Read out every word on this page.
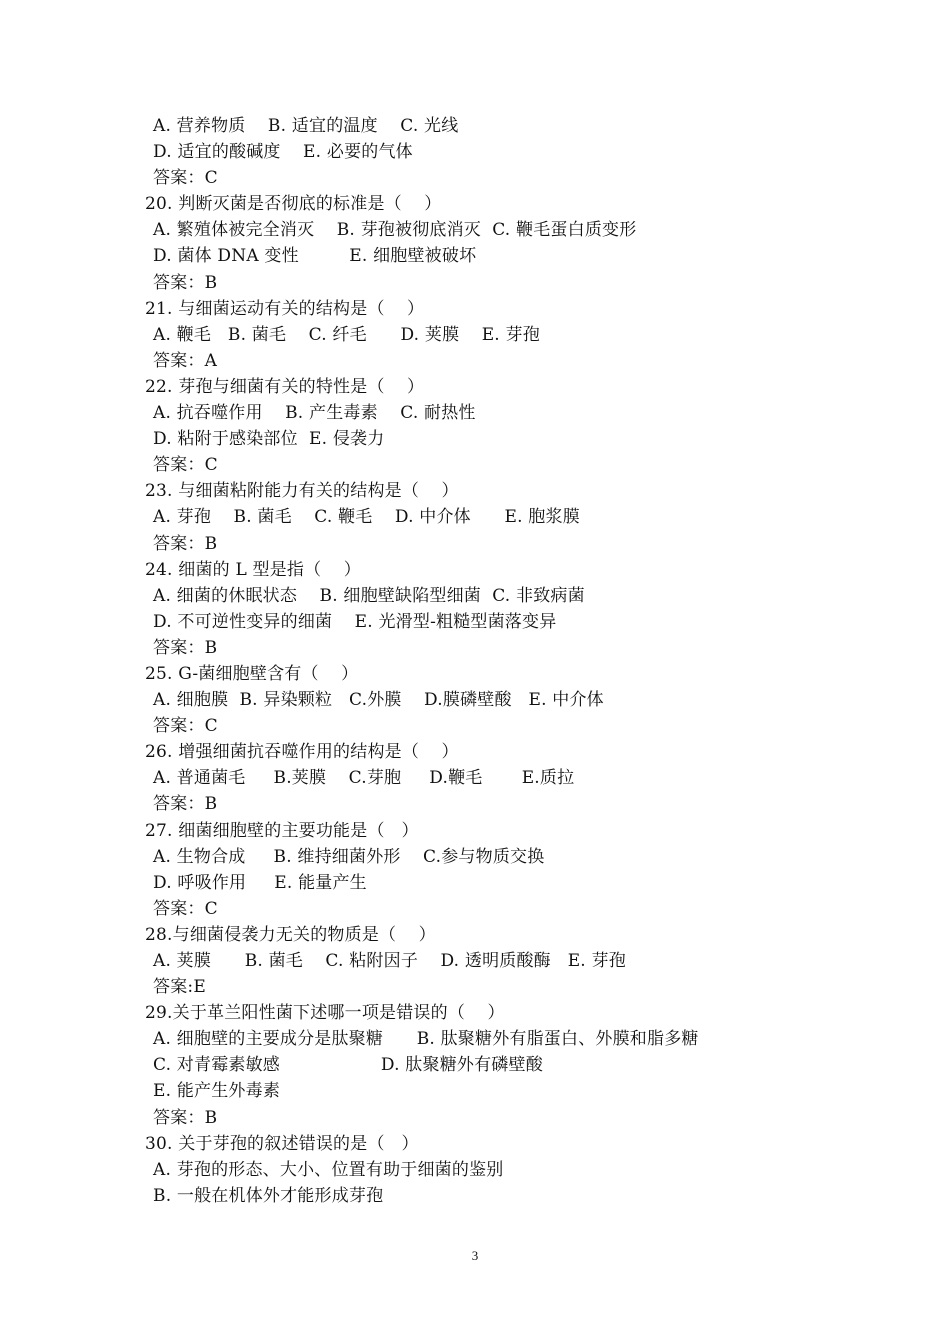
A. 营养物质    B. 适宜的温度    C. 光线
D. 适宜的酸碱度    E. 必要的气体
答案：C
20. 判断灭菌是否彻底的标准是（    ）
A. 繁殖体被完全消灭    B. 芽孢被彻底消灭  C. 鞭毛蛋白质变形
D. 菌体 DNA 变性         E. 细胞壁被破坏
答案：B
21. 与细菌运动有关的结构是（    ）
A. 鞭毛   B. 菌毛    C. 纤毛      D. 荚膜    E. 芽孢
答案：A
22. 芽孢与细菌有关的特性是（    ）
A. 抗吞噬作用    B. 产生毒素    C. 耐热性
D. 粘附于感染部位  E. 侵袭力
答案：C
23. 与细菌粘附能力有关的结构是（    ）
A. 芽孢    B. 菌毛    C. 鞭毛    D. 中介体      E. 胞浆膜
答案：B
24. 细菌的 L 型是指（    ）
A. 细菌的休眠状态    B. 细胞壁缺陷型细菌  C. 非致病菌
D. 不可逆性变异的细菌    E. 光滑型-粗糙型菌落变异
答案：B
25. G-菌细胞壁含有（    ）
A. 细胞膜  B. 异染颗粒   C.外膜    D.膜磷壁酸   E. 中介体
答案：C
26. 增强细菌抗吞噬作用的结构是（    ）
A. 普通菌毛     B.荚膜    C.芽胞     D.鞭毛       E.质拉
答案：B
27. 细菌细胞壁的主要功能是（   ）
A. 生物合成     B. 维持细菌外形    C.参与物质交换
D. 呼吸作用     E. 能量产生
答案：C
28.与细菌侵袭力无关的物质是（    ）
A. 荚膜      B. 菌毛    C. 粘附因子    D. 透明质酸酶   E. 芽孢
答案:E
29.关于革兰阳性菌下述哪一项是错误的（    ）
A. 细胞壁的主要成分是肽聚糖      B. 肽聚糖外有脂蛋白、外膜和脂多糖
C. 对青霉素敏感                  D. 肽聚糖外有磷壁酸
E. 能产生外毒素
答案：B
30. 关于芽孢的叙述错误的是（   ）
A. 芽孢的形态、大小、位置有助于细菌的鉴别
B. 一般在机体外才能形成芽孢
3
